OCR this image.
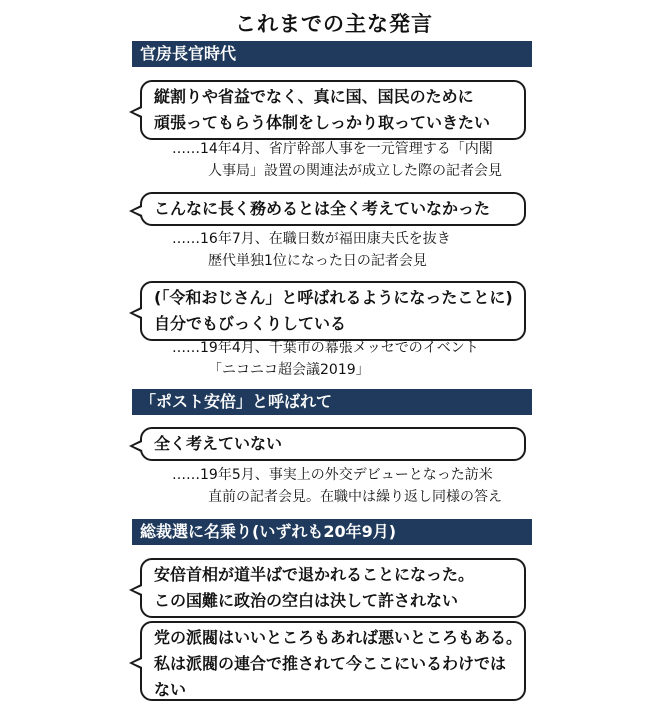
これまでの主な発言
官房長官時代
縦割りや省益でなく、真に国、国民のために
頑張ってもらう体制をしっかり取っていきたい
……14年4月、省庁幹部人事を一元管理する「内閣
人事局」設置の関連法が成立した際の記者会見
こんなに長く務めるとは全く考えていなかった
……16年7月、在職日数が福田康夫氏を抜き
歴代単独1位になった日の記者会見
(「令和おじさん」と呼ばれるようになったことに)
自分でもびっくりしている
……19年4月、千葉市の幕張メッセでのイベント
「ニコニコ超会議2019」
「ポスト安倍」と呼ばれて
全く考えていない
……19年5月、事実上の外交デビューとなった訪米
直前の記者会見。在職中は繰り返し同様の答え
総裁選に名乗り(いずれも20年9月)
安倍首相が道半ばで退かれることになった。
この国難に政治の空白は決して許されない
党の派閥はいいところもあれば悪いところもある。
私は派閥の連合で推されて今ここにいるわけではない
